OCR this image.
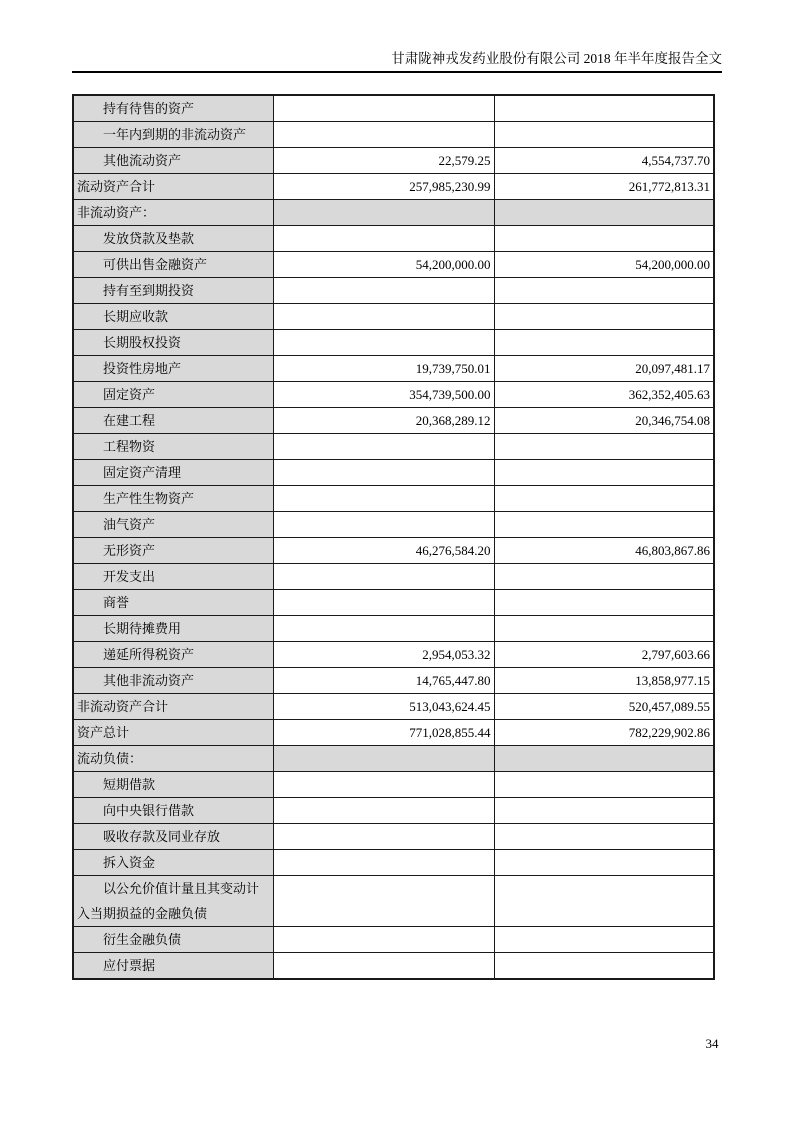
甘肃陇神戎发药业股份有限公司 2018 年半年度报告全文
持有待售的资产		
一年内到期的非流动资产		
其他流动资产	22,579.25	4,554,737.70
流动资产合计	257,985,230.99	261,772,813.31
非流动资产：		
发放贷款及垫款		
可供出售金融资产	54,200,000.00	54,200,000.00
持有至到期投资		
长期应收款		
长期股权投资		
投资性房地产	19,739,750.01	20,097,481.17
固定资产	354,739,500.00	362,352,405.63
在建工程	20,368,289.12	20,346,754.08
工程物资		
固定资产清理		
生产性生物资产		
油气资产		
无形资产	46,276,584.20	46,803,867.86
开发支出		
商誉		
长期待摊费用		
递延所得税资产	2,954,053.32	2,797,603.66
其他非流动资产	14,765,447.80	13,858,977.15
非流动资产合计	513,043,624.45	520,457,089.55
资产总计	771,028,855.44	782,229,902.86
流动负债：		
短期借款		
向中央银行借款		
吸收存款及同业存放		
拆入资金		
以公允价值计量且其变动计入当期损益的金融负债		
衍生金融负债		
应付票据		
34
